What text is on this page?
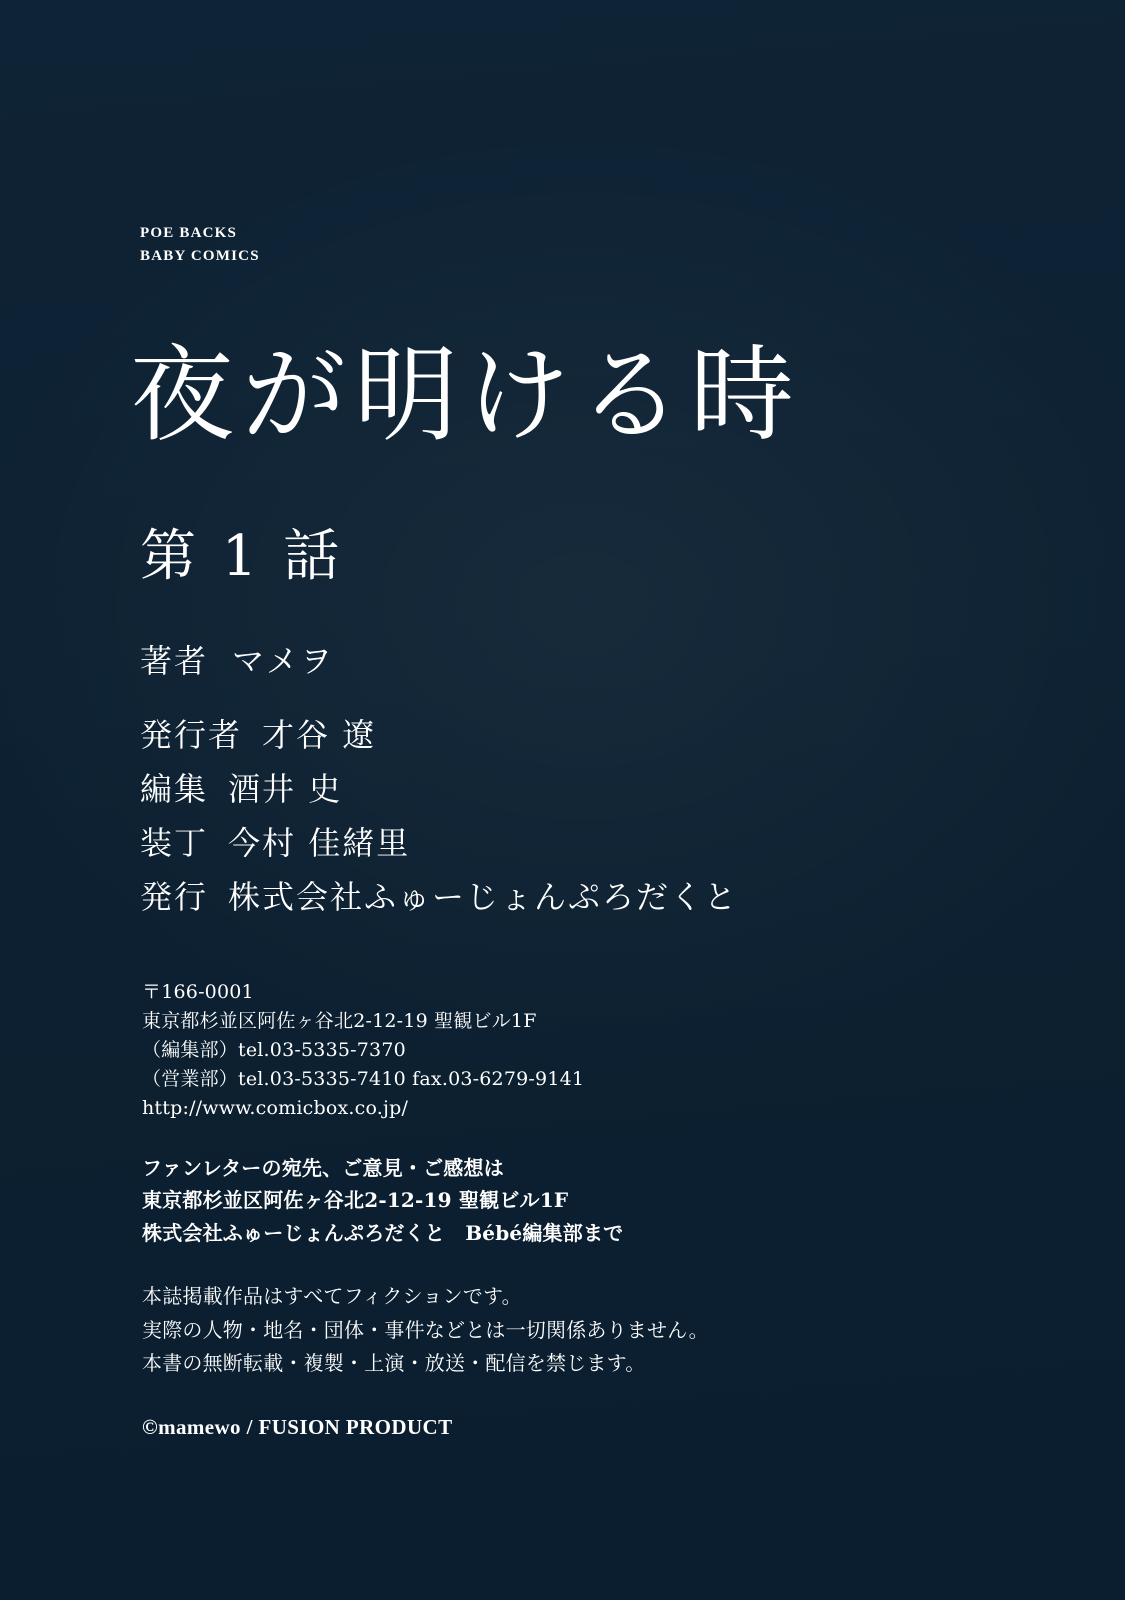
POE BACKS
BABY COMICS
夜が明ける時
第 1 話
著者 マメヲ
発行者 才谷 遼
編集 酒井 史
装丁 今村 佳緒里
発行 株式会社ふゅーじょんぷろだくと
〒166-0001
東京都杉並区阿佐ヶ谷北2-12-19 聖観ビル1F
（編集部）tel.03-5335-7370
（営業部）tel.03-5335-7410 fax.03-6279-9141
http://www.comicbox.co.jp/
ファンレターの宛先、ご意見・ご感想は
東京都杉並区阿佐ヶ谷北2-12-19 聖観ビル1F
株式会社ふゅーじょんぷろだくと　Bébé編集部まで
本誌掲載作品はすべてフィクションです。
実際の人物・地名・団体・事件などとは一切関係ありません。
本書の無断転載・複製・上演・放送・配信を禁じます。
©mamewo / FUSION PRODUCT
